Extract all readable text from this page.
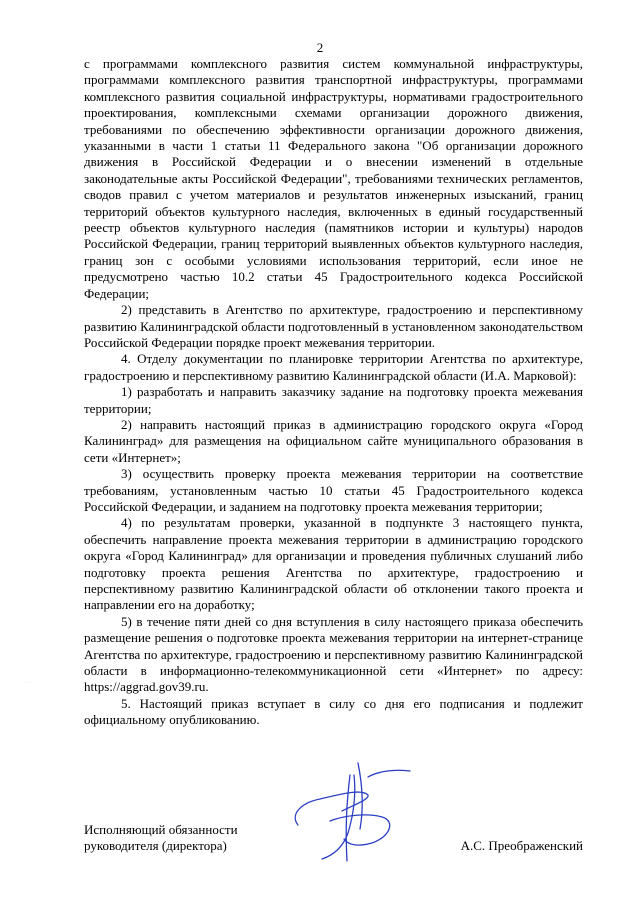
2

с программами комплексного развития систем коммунальной инфраструктуры, программами комплексного развития транспортной инфраструктуры, программами комплексного развития социальной инфраструктуры, нормативами градостроительного проектирования, комплексными схемами организации дорожного движения, требованиями по обеспечению эффективности организации дорожного движения, указанными в части 1 статьи 11 Федерального закона "Об организации дорожного движения в Российской Федерации и о внесении изменений в отдельные законодательные акты Российской Федерации", требованиями технических регламентов, сводов правил с учетом материалов и результатов инженерных изысканий, границ территорий объектов культурного наследия, включенных в единый государственный реестр объектов культурного наследия (памятников истории и культуры) народов Российской Федерации, границ территорий выявленных объектов культурного наследия, границ зон с особыми условиями использования территорий, если иное не предусмотрено частью 10.2 статьи 45 Градостроительного кодекса Российской Федерации;

2) представить в Агентство по архитектуре, градостроению и перспективному развитию Калининградской области подготовленный в установленном законодательством Российской Федерации порядке проект межевания территории.

4. Отделу документации по планировке территории Агентства по архитектуре, градостроению и перспективному развитию Калининградской области (И.А. Марковой):

1) разработать и направить заказчику задание на подготовку проекта межевания территории;

2) направить настоящий приказ в администрацию городского округа «Город Калининград» для размещения на официальном сайте муниципального образования в сети «Интернет»;

3) осуществить проверку проекта межевания территории на соответствие требованиям, установленным частью 10 статьи 45 Градостроительного кодекса Российской Федерации, и заданием на подготовку проекта межевания территории;

4) по результатам проверки, указанной в подпункте 3 настоящего пункта, обеспечить направление проекта межевания территории в администрацию городского округа «Город Калининград» для организации и проведения публичных слушаний либо подготовку проекта решения Агентства по архитектуре, градостроению и перспективному развитию Калининградской области об отклонении такого проекта и направлении его на доработку;

5) в течение пяти дней со дня вступления в силу настоящего приказа обеспечить размещение решения о подготовке проекта межевания территории на интернет-странице Агентства по архитектуре, градостроению и перспективному развитию Калининградской области в информационно-телекоммуникационной сети «Интернет» по адресу: https://aggrad.gov39.ru.

5. Настоящий приказ вступает в силу со дня его подписания и подлежит официальному опубликованию.

· ·
Исполняющий обязанности
руководителя (директора)	А.С. Преображенский
